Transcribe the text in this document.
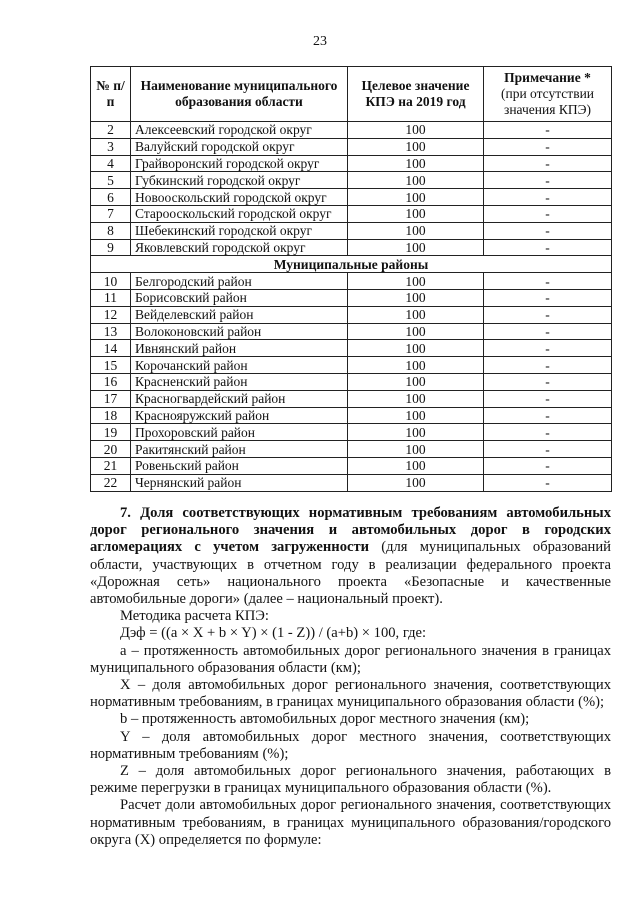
23
№ п/п	Наименование муниципального образования области	Целевое значение КПЭ на 2019 год	Примечание *
(при отсутствии значения КПЭ)

2	Алексеевский городской округ	100	-
3	Валуйский городской округ	100	-
4	Грайворонский городской округ	100	-
5	Губкинский городской округ	100	-
6	Новооскольский городской округ	100	-
7	Старооскольский городской округ	100	-
8	Шебекинский городской округ	100	-
9	Яковлевский городской округ	100	-
Муниципальные районы			
10	Белгородский район	100	-
11	Борисовский район	100	-
12	Вейделевский район	100	-
13	Волоконовский район	100	-
14	Ивнянский район	100	-
15	Корочанский район	100	-
16	Красненский район	100	-
17	Красногвардейский район	100	-
18	Краснояружский район	100	-
19	Прохоровский район	100	-
20	Ракитянский район	100	-
21	Ровеньский район	100	-
22	Чернянский район	100	-

7. Доля соответствующих нормативным требованиям автомобильных дорог регионального значения и автомобильных дорог в городских агломерациях с учетом загруженности (для муниципальных образований области, участвующих в отчетном году в реализации федерального проекта «Дорожная сеть» национального проекта «Безопасные и качественные автомобильные дороги» (далее – национальный проект).

Методика расчета КПЭ:

Дэф = ((a × X + b × Y) × (1 - Z)) / (a+b) × 100, где:

a – протяженность автомобильных дорог регионального значения в границах муниципального образования области (км);

X – доля автомобильных дорог регионального значения, соответствующих нормативным требованиям, в границах муниципального образования области (%);

b – протяженность автомобильных дорог местного значения (км);

Y – доля автомобильных дорог местного значения, соответствующих нормативным требованиям (%);

Z – доля автомобильных дорог регионального значения, работающих в режиме перегрузки в границах муниципального образования области (%).

Расчет доли автомобильных дорог регионального значения, соответствующих нормативным требованиям, в границах муниципального образования/городского округа (X) определяется по формуле:
